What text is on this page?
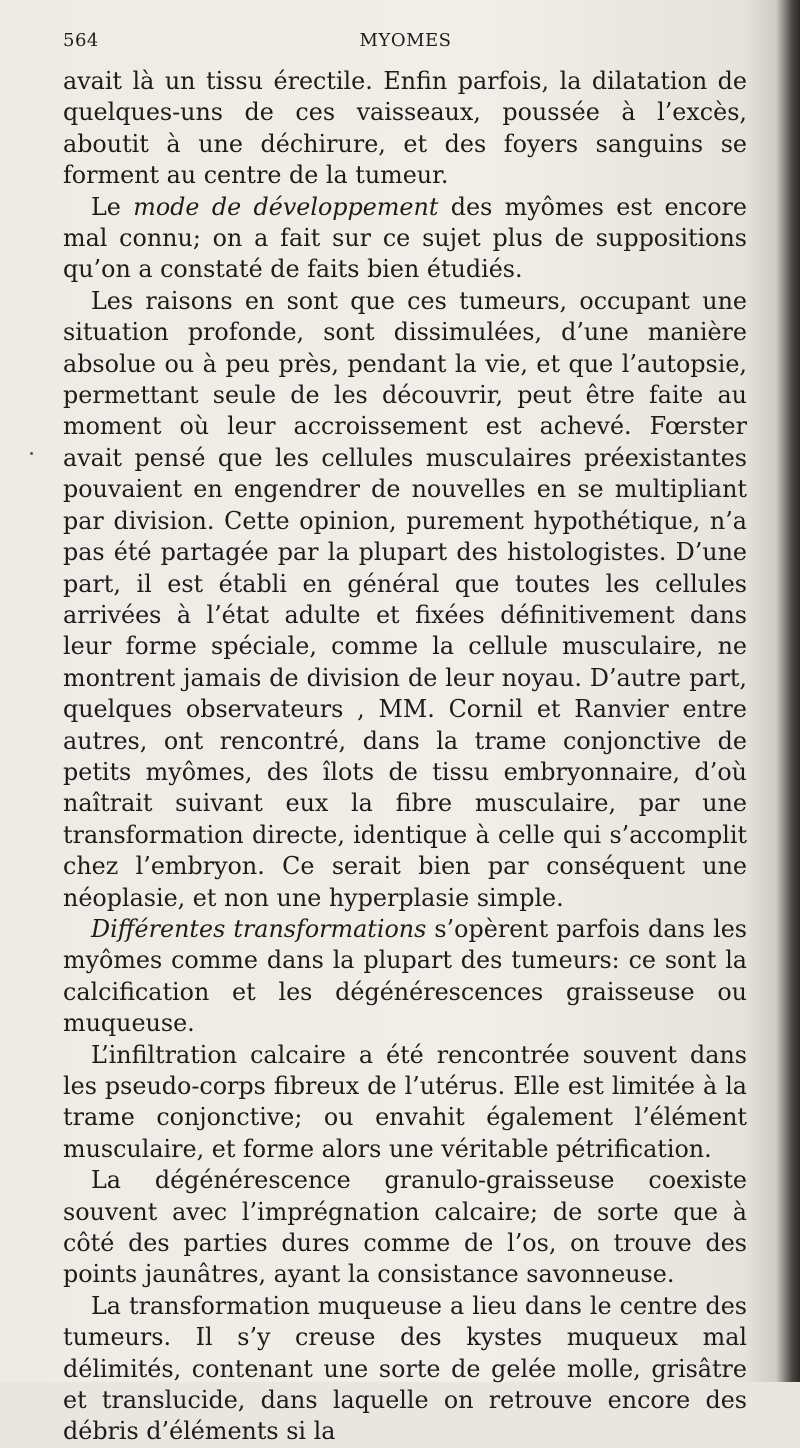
564	MYOMES

avait là un tissu érectile. Enfin parfois, la dilatation de quelques-uns de ces vaisseaux, poussée à l’excès, aboutit à une déchirure, et des foyers sanguins se forment au centre de la tumeur.

Le mode de développement des myômes est encore mal connu; on a fait sur ce sujet plus de suppositions qu’on a constaté de faits bien étudiés.

Les raisons en sont que ces tumeurs, occupant une situation profonde, sont dissimulées, d’une manière absolue ou à peu près, pendant la vie, et que l’autopsie, permettant seule de les découvrir, peut être faite au moment où leur accroissement est achevé. Fœrster avait pensé que les cellules musculaires préexistantes pouvaient en engendrer de nouvelles en se multipliant par division. Cette opinion, purement hypothétique, n’a pas été partagée par la plupart des histologistes. D’une part, il est établi en général que toutes les cellules arrivées à l’état adulte et fixées définitivement dans leur forme spéciale, comme la cellule musculaire, ne montrent jamais de division de leur noyau. D’autre part, quelques observateurs , MM. Cornil et Ranvier entre autres, ont rencontré, dans la trame conjonctive de petits myômes, des îlots de tissu embryonnaire, d’où naîtrait suivant eux la fibre musculaire, par une transformation directe, identique à celle qui s’accomplit chez l’embryon. Ce serait bien par conséquent une néoplasie, et non une hyperplasie simple.

Différentes transformations s’opèrent parfois dans les myômes comme dans la plupart des tumeurs: ce sont la calcification et les dégénérescences graisseuse ou muqueuse.

L’infiltration calcaire a été rencontrée souvent dans les pseudo-corps fibreux de l’utérus. Elle est limitée à la trame conjonctive; ou envahit également l’élément musculaire, et forme alors une véritable pétrification.

La dégénérescence granulo-graisseuse coexiste souvent avec l’imprégnation calcaire; de sorte que à côté des parties dures comme de l’os, on trouve des points jaunâtres, ayant la consistance savonneuse.

La transformation muqueuse a lieu dans le centre des tumeurs. Il s’y creuse des kystes muqueux mal délimités, contenant une sorte de gelée molle, grisâtre et translucide, dans laquelle on retrouve encore des débris d’éléments si la
